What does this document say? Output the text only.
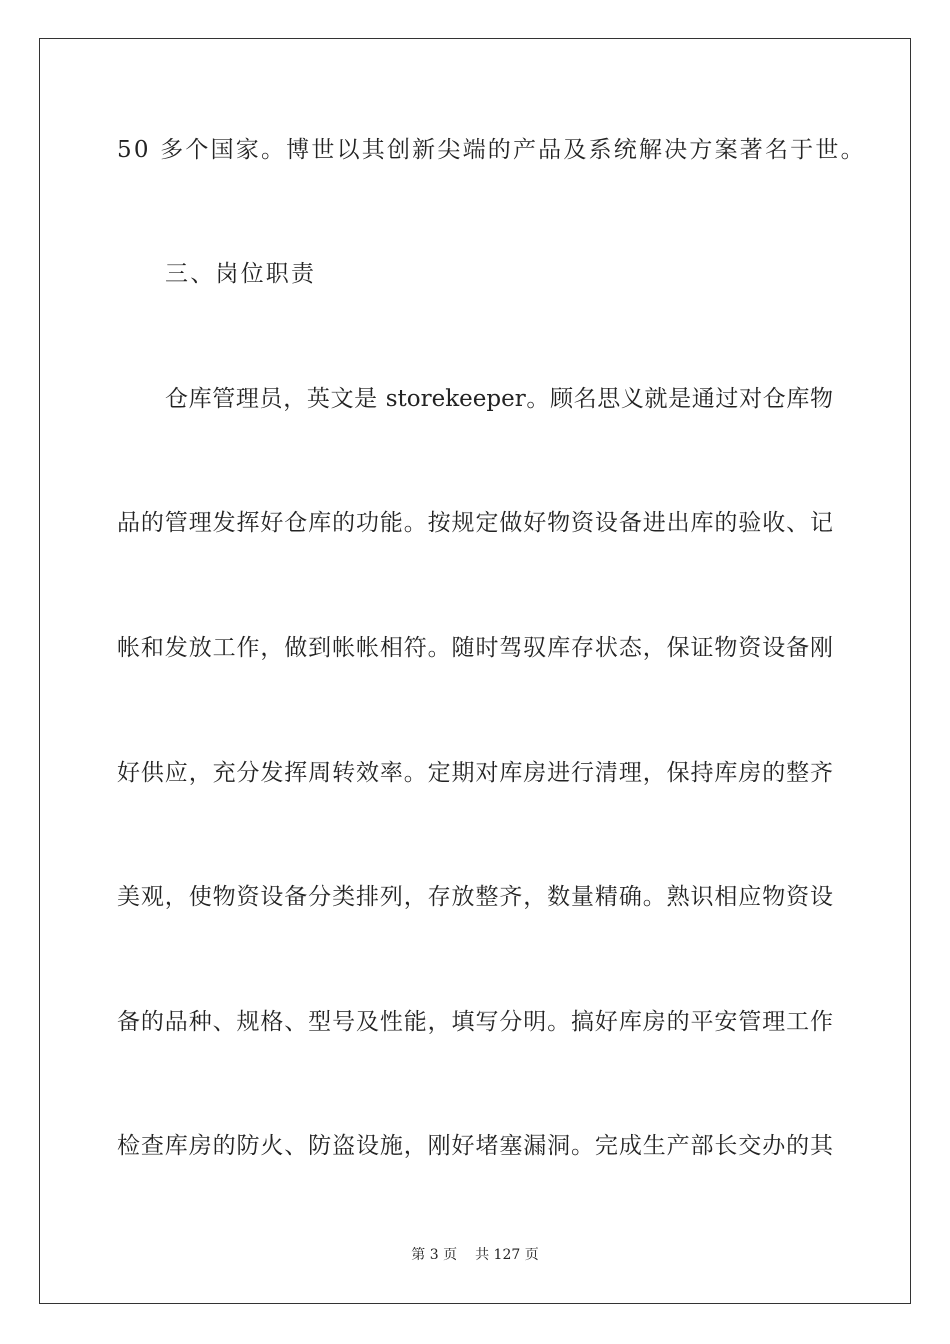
50 多个国家。博世以其创新尖端的产品及系统解决方案著名于世。
三、岗位职责
仓库管理员，英文是 storekeeper。顾名思义就是通过对仓库物
品的管理发挥好仓库的功能。按规定做好物资设备进出库的验收、记
帐和发放工作，做到帐帐相符。随时驾驭库存状态，保证物资设备刚
好供应，充分发挥周转效率。定期对库房进行清理，保持库房的整齐
美观，使物资设备分类排列，存放整齐，数量精确。熟识相应物资设
备的品种、规格、型号及性能，填写分明。搞好库房的平安管理工作
检查库房的防火、防盗设施，刚好堵塞漏洞。完成生产部长交办的其
第 3 页 共 127 页
